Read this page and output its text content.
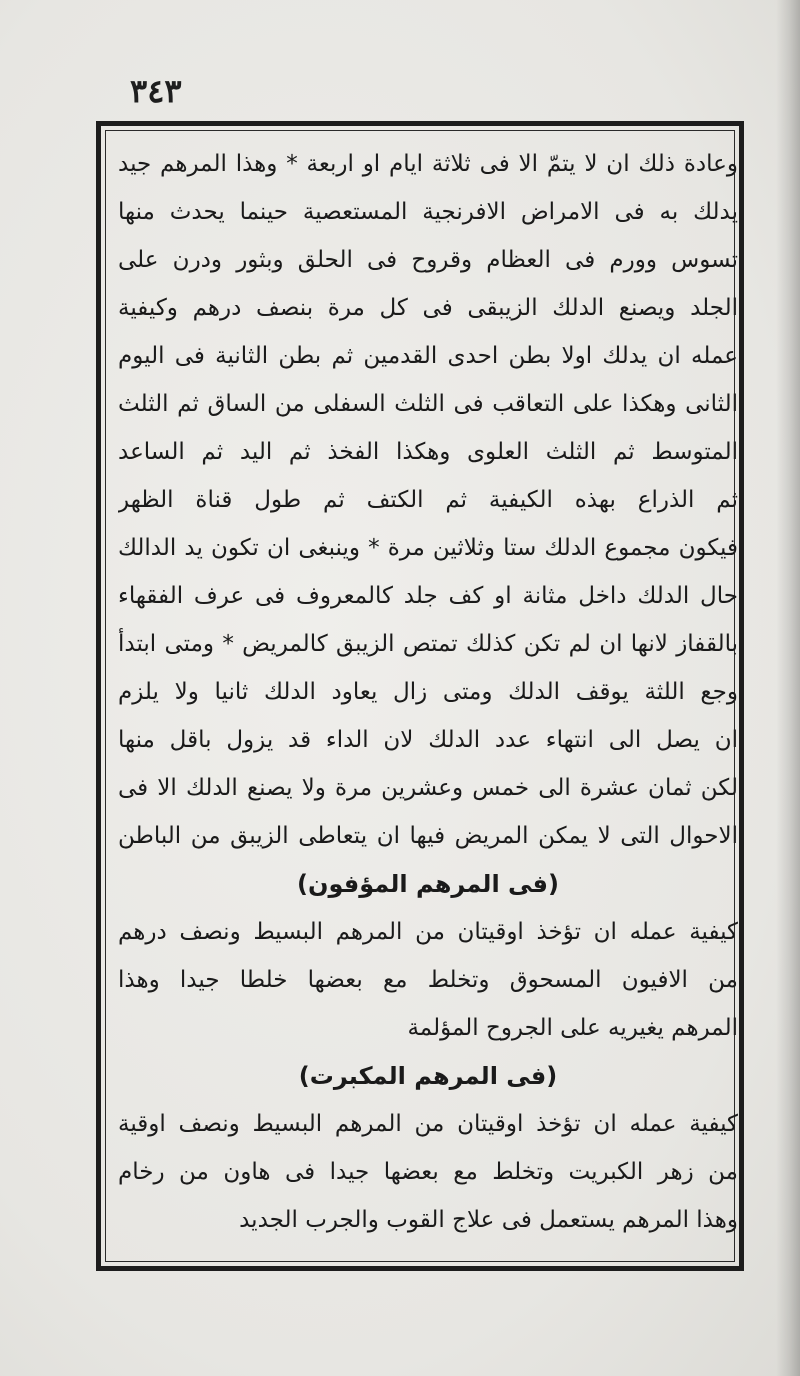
٣٤٣
وعادة ذلك ان لا يتمّ الا فى ثلاثة ايام او اربعة * وهذا المرهم جيد
يدلك به فى الامراض الافرنجية المستعصية حينما يحدث منها
تسوس وورم فى العظام وقروح فى الحلق وبثور ودرن على
الجلد ويصنع الدلك الزيبقى فى كل مرة بنصف درهم وكيفية
عمله ان يدلك اولا بطن احدى القدمين ثم بطن الثانية فى اليوم
الثانى وهكذا على التعاقب فى الثلث السفلى من الساق ثم الثلث
المتوسط ثم الثلث العلوى وهكذا الفخذ ثم اليد ثم الساعد
ثم الذراع بهذه الكيفية ثم الكتف ثم طول قناة الظهر
فيكون مجموع الدلك ستا وثلاثين مرة * وينبغى ان تكون يد الدالك
حال الدلك داخل مثانة او كف جلد كالمعروف فى عرف الفقهاء
بالقفاز لانها ان لم تكن كذلك تمتص الزيبق كالمريض * ومتى ابتدأ
وجع اللثة يوقف الدلك ومتى زال يعاود الدلك ثانيا ولا يلزم
ان يصل الى انتهاء عدد الدلك لان الداء قد يزول باقل منها
لكن ثمان عشرة الى خمس وعشرين مرة ولا يصنع الدلك الا فى
الاحوال التى لا يمكن المريض فيها ان يتعاطى الزيبق من الباطن
(فى المرهم المؤفون)
كيفية عمله ان تؤخذ اوقيتان من المرهم البسيط ونصف درهم
من الافيون المسحوق وتخلط مع بعضها خلطا جيدا وهذا
المرهم يغيريه على الجروح المؤلمة
(فى المرهم المكبرت)
كيفية عمله ان تؤخذ اوقيتان من المرهم البسيط ونصف اوقية
من زهر الكبريت وتخلط مع بعضها جيدا فى هاون من رخام
وهذا المرهم يستعمل فى علاج القوب والجرب الجديد
